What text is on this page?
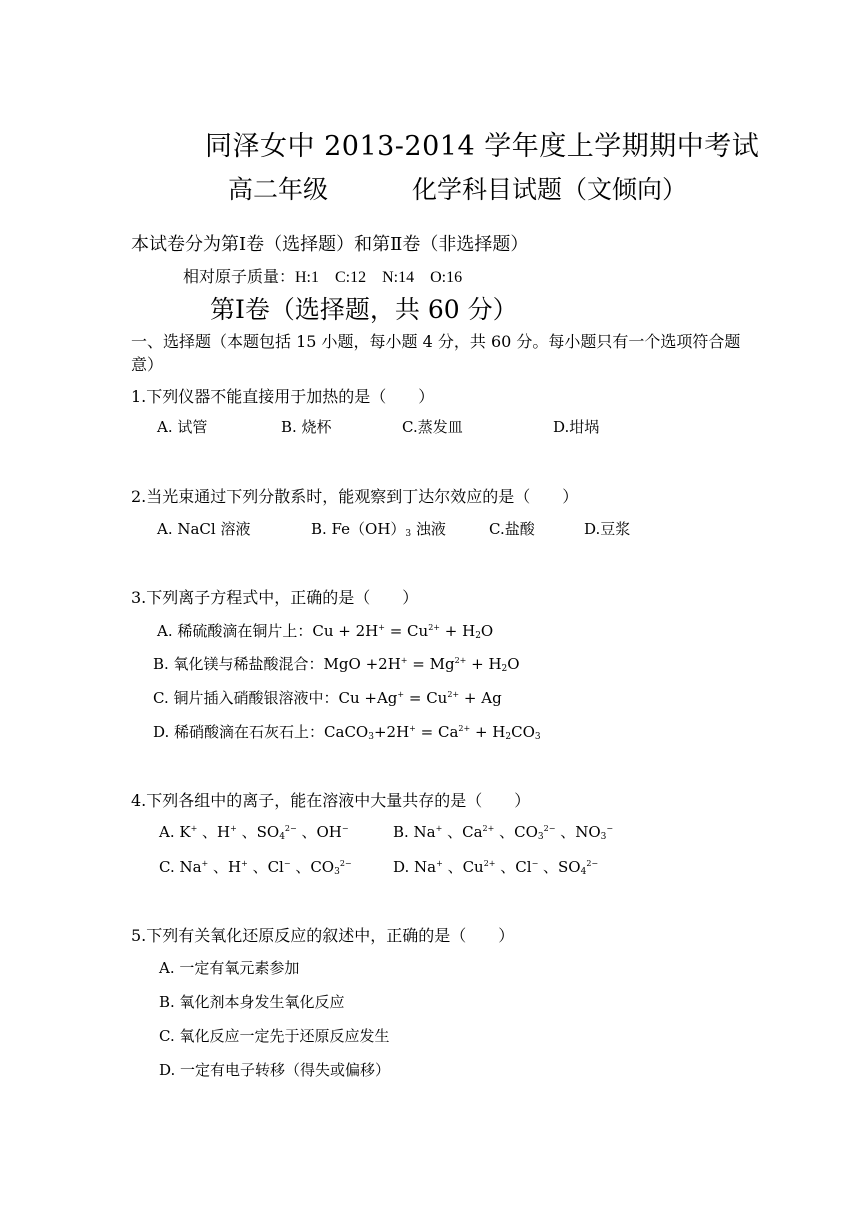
同泽女中 2013-2014 学年度上学期期中考试
高二年级	化学科目试题（文倾向）
本试卷分为第Ⅰ卷（选择题）和第Ⅱ卷（非选择题）
相对原子质量：H:1　C:12　N:14　O:16
第Ⅰ卷（选择题，共 60 分）
一、选择题（本题包括 15 小题，每小题 4 分，共 60 分。每小题只有一个选项符合题意）
1.下列仪器不能直接用于加热的是（　　）
A. 试管	B. 烧杯	C.蒸发皿	D.坩埚
2.当光束通过下列分散系时，能观察到丁达尔效应的是（　　）
A. NaCl 溶液	B. $Fe(OH)_3$ 浊液	C.盐酸	D.豆浆
3.下列离子方程式中，正确的是（　　）
A. 稀硫酸滴在铜片上：$Cu + 2H^+ = Cu^{2+} + H_2O$
B. 氧化镁与稀盐酸混合：MgO $+2H^+ = Mg^{2+} + H_2O$
C. 铜片插入硝酸银溶液中：$Cu +Ag^+ = Cu^{2+} + Ag$
D. 稀硝酸滴在石灰石上：CaCO$_3$+2H+ = $Ca^{2+} + H_2CO_3$
4.下列各组中的离子，能在溶液中大量共存的是（　　）
A. K+ 、H+ 、$SO_4^{2-}$ 、OH−	B. Na+ 、$Ca^{2+}$ 、$CO_3^{2-}$ 、$NO_3^-$
C. Na+ 、H+ 、Cl− 、$CO_3^{2-}$	D. Na+ 、$Cu^{2+}$ 、Cl− 、$SO_4^{2-}$
5.下列有关氧化还原反应的叙述中，正确的是（　　）
A. 一定有氧元素参加
B. 氧化剂本身发生氧化反应
C. 氧化反应一定先于还原反应发生
D. 一定有电子转移（得失或偏移）
